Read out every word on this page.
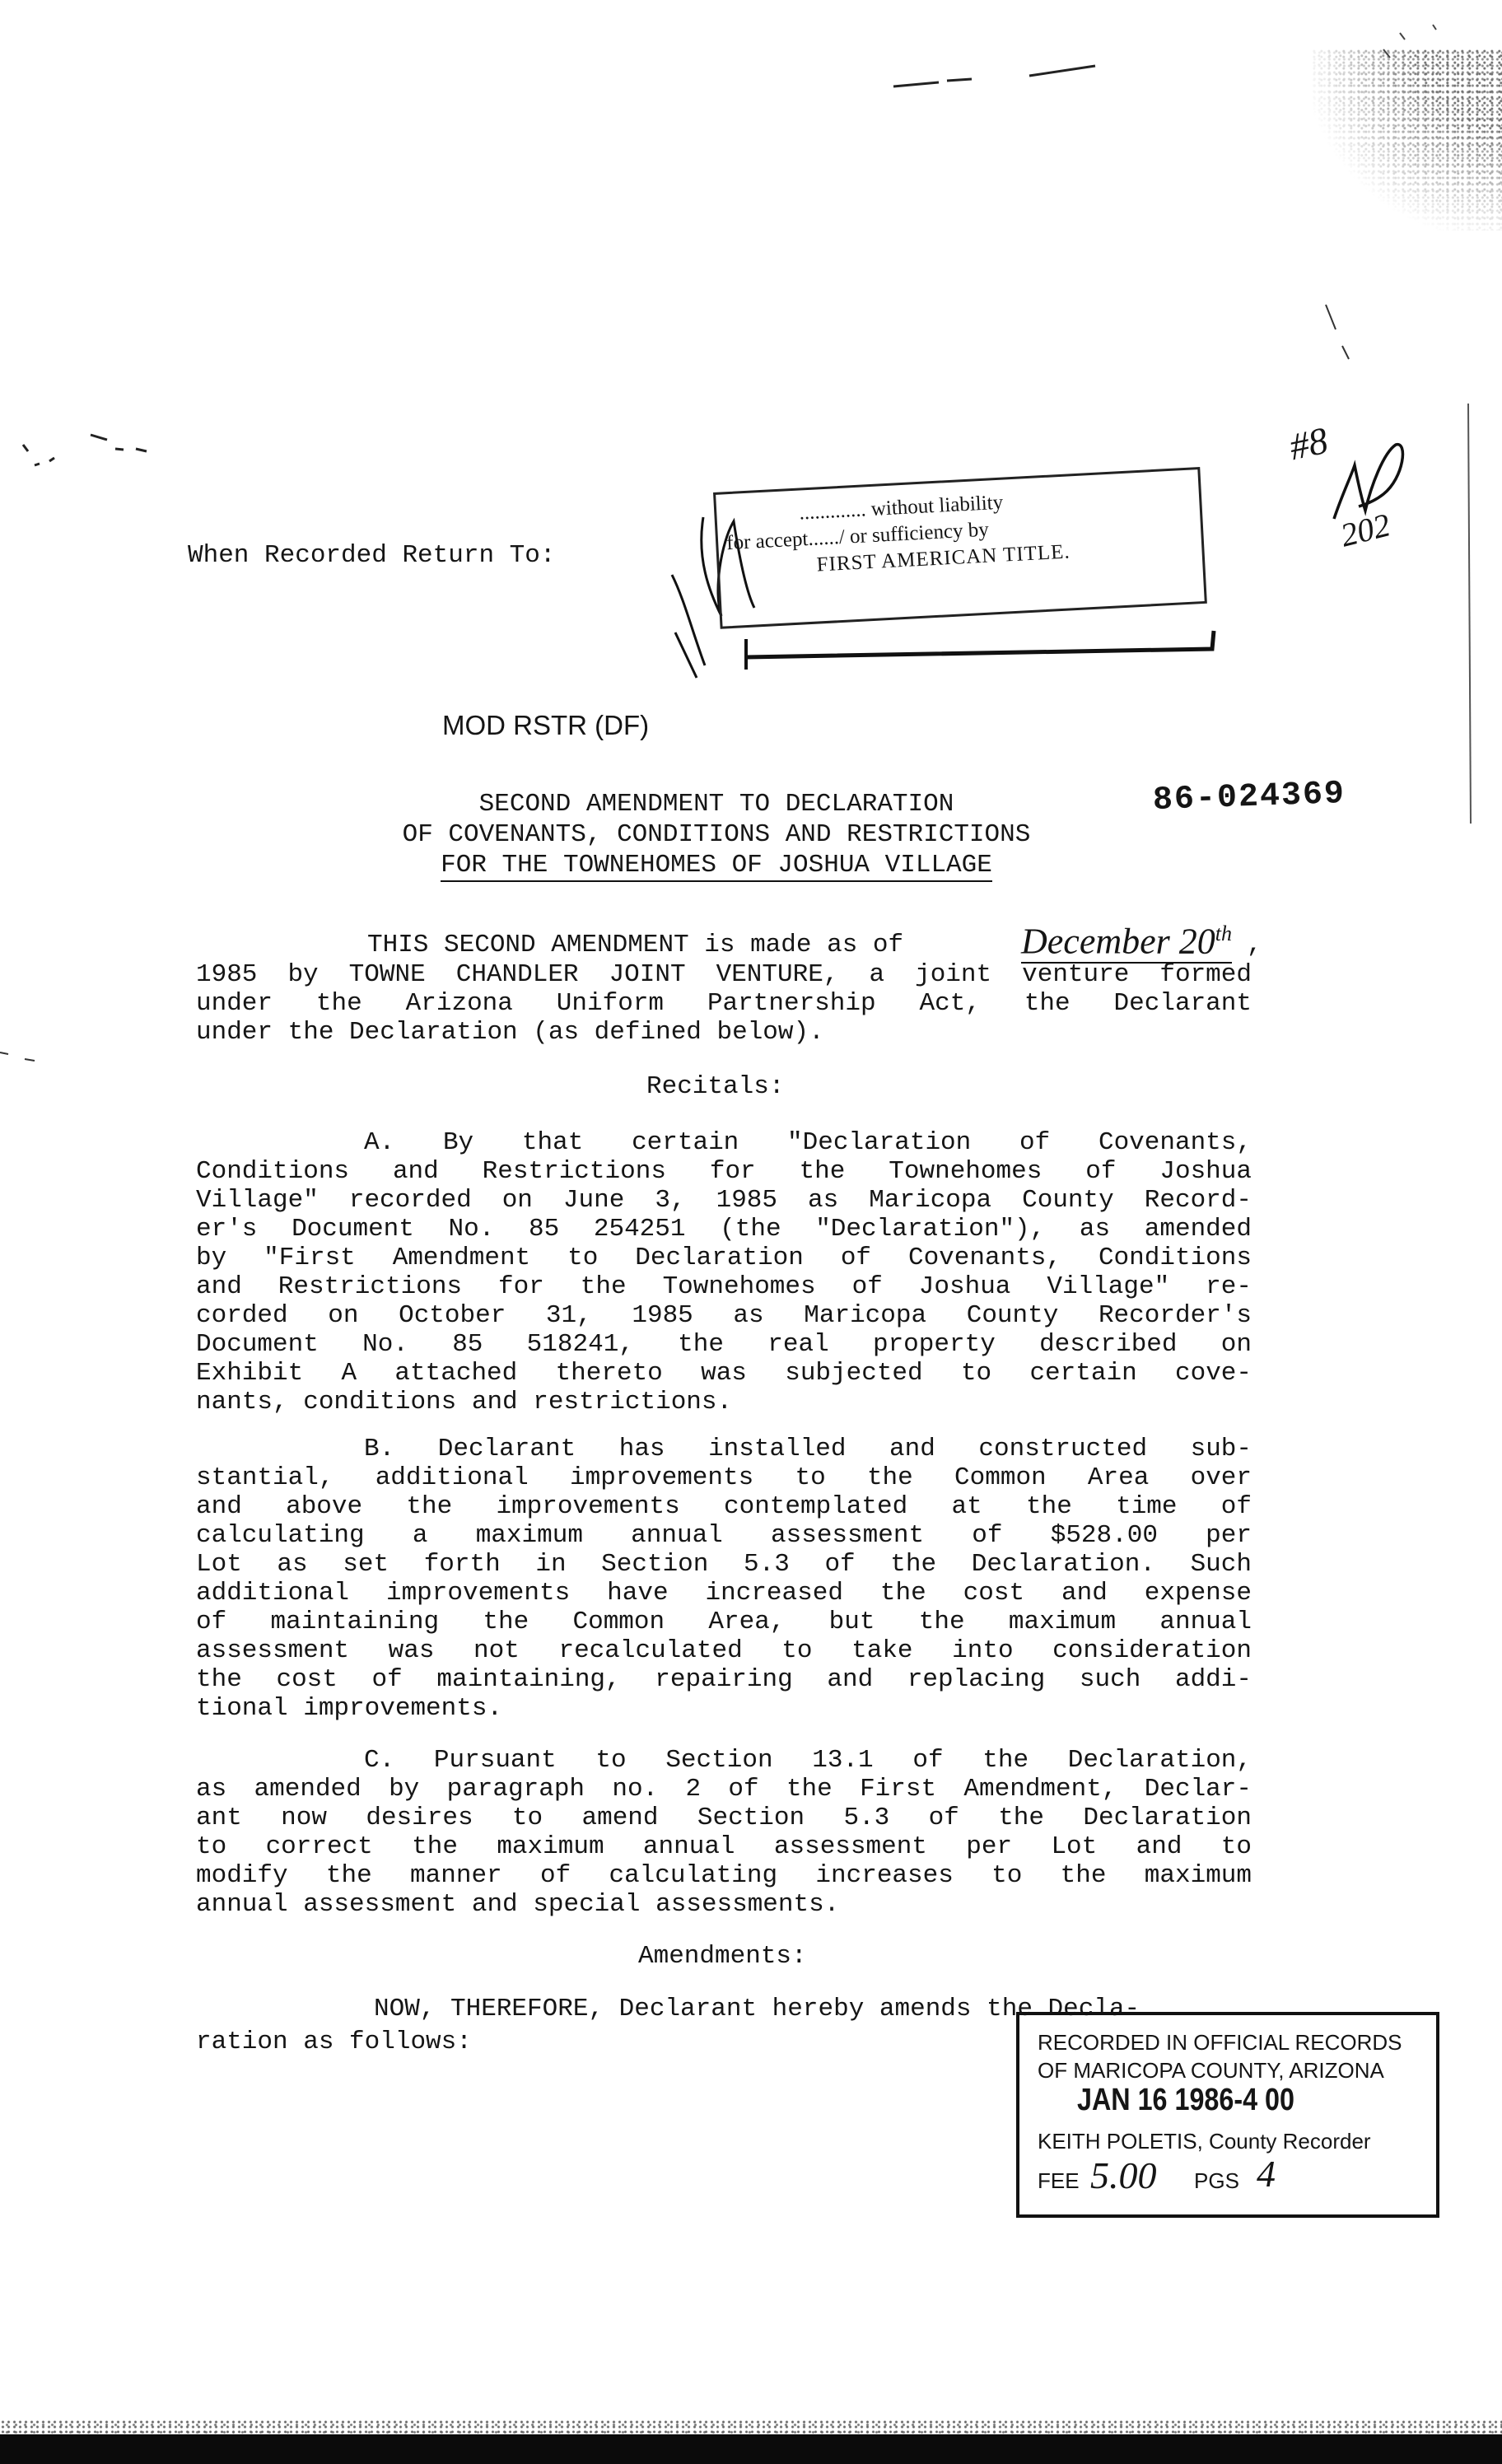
When Recorded Return To:
............. without liability
for accept....../ or sufficiency by
FIRST AMERICAN TITLE.
#8
202
MOD RSTR (DF)
86-024369
SECOND AMENDMENT TO DECLARATION
OF COVENANTS, CONDITIONS AND RESTRICTIONS
FOR THE TOWNEHOMES OF JOSHUA VILLAGE
THIS SECOND AMENDMENT is made as of	December 20th ,
1985 by TOWNE CHANDLER JOINT VENTURE, a joint venture formed
under the Arizona Uniform Partnership Act, the Declarant
under the Declaration (as defined below).
Recitals:
A. By that certain "Declaration of Covenants,
Conditions and Restrictions for the Townehomes of Joshua
Village" recorded on June 3, 1985 as Maricopa County Record-
er's Document No. 85 254251 (the "Declaration"), as amended
by "First Amendment to Declaration of Covenants, Conditions
and Restrictions for the Townehomes of Joshua Village" re-
corded on October 31, 1985 as Maricopa County Recorder's
Document No. 85 518241, the real property described on
Exhibit A attached thereto was subjected to certain cove-
nants, conditions and restrictions.
B. Declarant has installed and constructed sub-
stantial, additional improvements to the Common Area over
and above the improvements contemplated at the time of
calculating a maximum annual assessment of $528.00 per
Lot as set forth in Section 5.3 of the Declaration. Such
additional improvements have increased the cost and expense
of maintaining the Common Area, but the maximum annual
assessment was not recalculated to take into consideration
the cost of maintaining, repairing and replacing such addi-
tional improvements.
C. Pursuant to Section 13.1 of the Declaration,
as amended by paragraph no. 2 of the First Amendment, Declar-
ant now desires to amend Section 5.3 of the Declaration
to correct the maximum annual assessment per Lot and to
modify the manner of calculating increases to the maximum
annual assessment and special assessments.
Amendments:
NOW, THEREFORE, Declarant hereby amends the Decla-
ration as follows:	RECORDED IN OFFICIAL RECORDS
OF MARICOPA COUNTY, ARIZONA
JAN 16 1986-4 00
KEITH POLETIS, County Recorder
FEE 5.00 PGS 4
